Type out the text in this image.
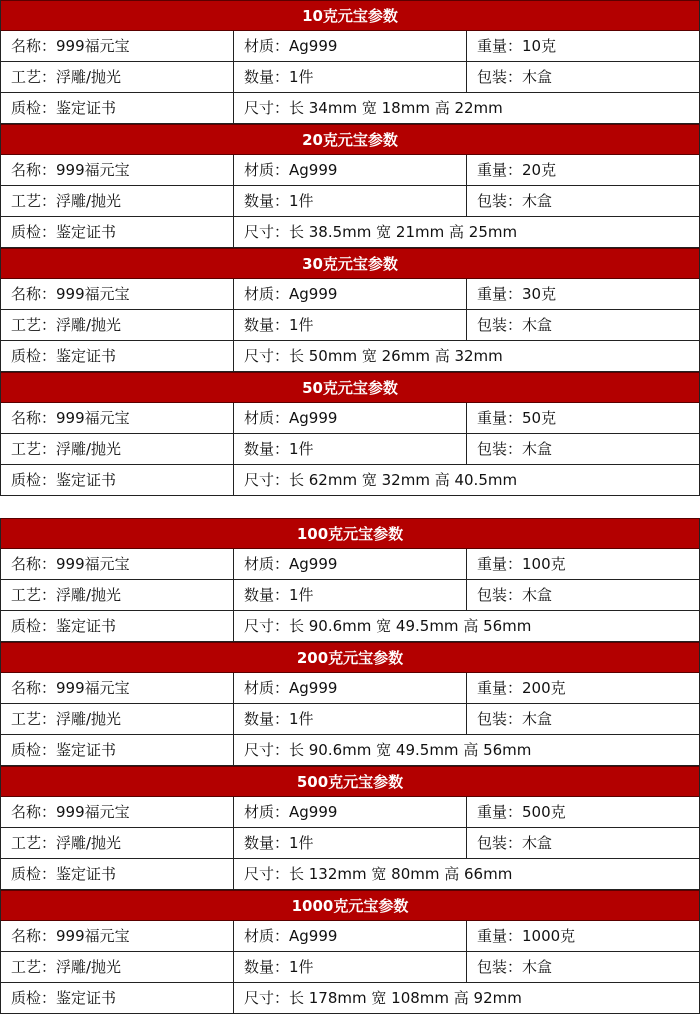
10克元宝参数
名称：999福元宝	材质：Ag999	重量：10克
工艺：浮雕/抛光	数量：1件	包装：木盒
质检：鉴定证书	尺寸：长 34mm 宽 18mm 高 22mm
20克元宝参数
名称：999福元宝	材质：Ag999	重量：20克
工艺：浮雕/抛光	数量：1件	包装：木盒
质检：鉴定证书	尺寸：长 38.5mm 宽 21mm 高 25mm
30克元宝参数
名称：999福元宝	材质：Ag999	重量：30克
工艺：浮雕/抛光	数量：1件	包装：木盒
质检：鉴定证书	尺寸：长 50mm 宽 26mm 高 32mm
50克元宝参数
名称：999福元宝	材质：Ag999	重量：50克
工艺：浮雕/抛光	数量：1件	包装：木盒
质检：鉴定证书	尺寸：长 62mm 宽 32mm 高 40.5mm
100克元宝参数
名称：999福元宝	材质：Ag999	重量：100克
工艺：浮雕/抛光	数量：1件	包装：木盒
质检：鉴定证书	尺寸：长 90.6mm 宽 49.5mm 高 56mm
200克元宝参数
名称：999福元宝	材质：Ag999	重量：200克
工艺：浮雕/抛光	数量：1件	包装：木盒
质检：鉴定证书	尺寸：长 90.6mm 宽 49.5mm 高 56mm
500克元宝参数
名称：999福元宝	材质：Ag999	重量：500克
工艺：浮雕/抛光	数量：1件	包装：木盒
质检：鉴定证书	尺寸：长 132mm 宽 80mm 高 66mm
1000克元宝参数
名称：999福元宝	材质：Ag999	重量：1000克
工艺：浮雕/抛光	数量：1件	包装：木盒
质检：鉴定证书	尺寸：长 178mm 宽 108mm 高 92mm
